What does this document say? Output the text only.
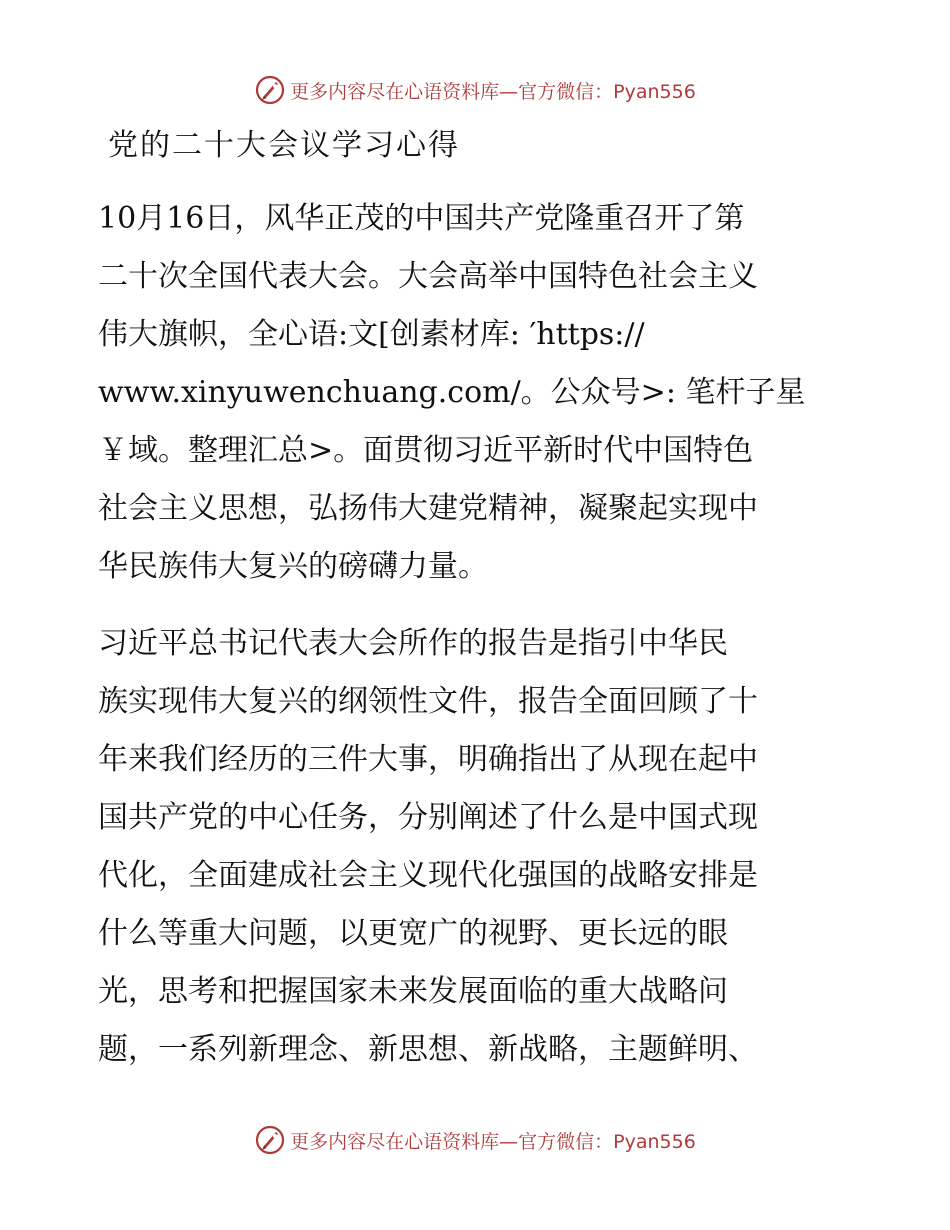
更多内容尽在心语资料库—官方微信：Pyan556
党的二十大会议学习心得
10月16日，风华正茂的中国共产党隆重召开了第
二十次全国代表大会。大会高举中国特色社会主义
伟大旗帜，全心语:文[创素材库: ′https://
www.xinyuwenchuang.com/。公众号>: 笔杆子星
￥域。整理汇总>。面贯彻习近平新时代中国特色
社会主义思想，弘扬伟大建党精神，凝聚起实现中
华民族伟大复兴的磅礴力量。
习近平总书记代表大会所作的报告是指引中华民
族实现伟大复兴的纲领性文件，报告全面回顾了十
年来我们经历的三件大事，明确指出了从现在起中
国共产党的中心任务，分别阐述了什么是中国式现
代化，全面建成社会主义现代化强国的战略安排是
什么等重大问题，以更宽广的视野、更长远的眼
光，思考和把握国家未来发展面临的重大战略问
题，一系列新理念、新思想、新战略，主题鲜明、
更多内容尽在心语资料库—官方微信：Pyan556
